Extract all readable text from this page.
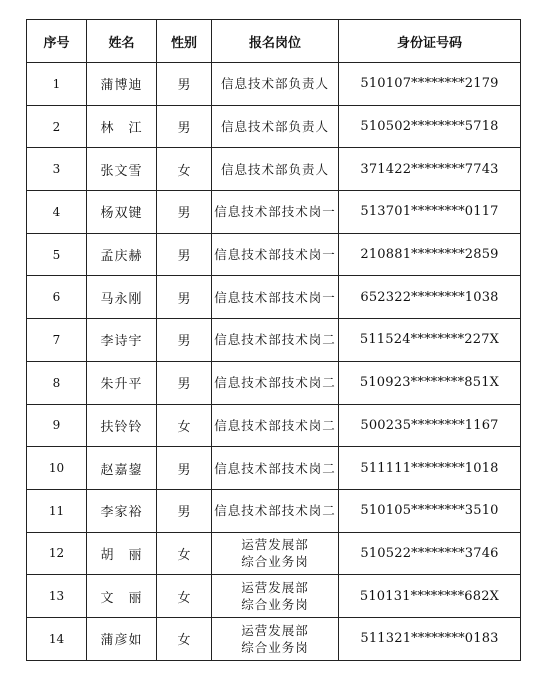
序号	姓名	性别	报名岗位	身份证号码
1	蒲博迪	男	信息技术部负责人	510107********2179
2	林　江	男	信息技术部负责人	510502********5718
3	张文雪	女	信息技术部负责人	371422********7743
4	杨双键	男	信息技术部技术岗一	513701********0117
5	孟庆赫	男	信息技术部技术岗一	210881********2859
6	马永刚	男	信息技术部技术岗一	652322********1038
7	李诗宇	男	信息技术部技术岗二	511524********227X
8	朱升平	男	信息技术部技术岗二	510923********851X
9	扶铃铃	女	信息技术部技术岗二	500235********1167
10	赵嘉鋆	男	信息技术部技术岗二	511111********1018
11	李家裕	男	信息技术部技术岗二	510105********3510
12	胡　丽	女	运营发展部
综合业务岗	510522********3746
13	文　丽	女	运营发展部
综合业务岗	510131********682X
14	蒲彦如	女	运营发展部
综合业务岗	511321********0183
